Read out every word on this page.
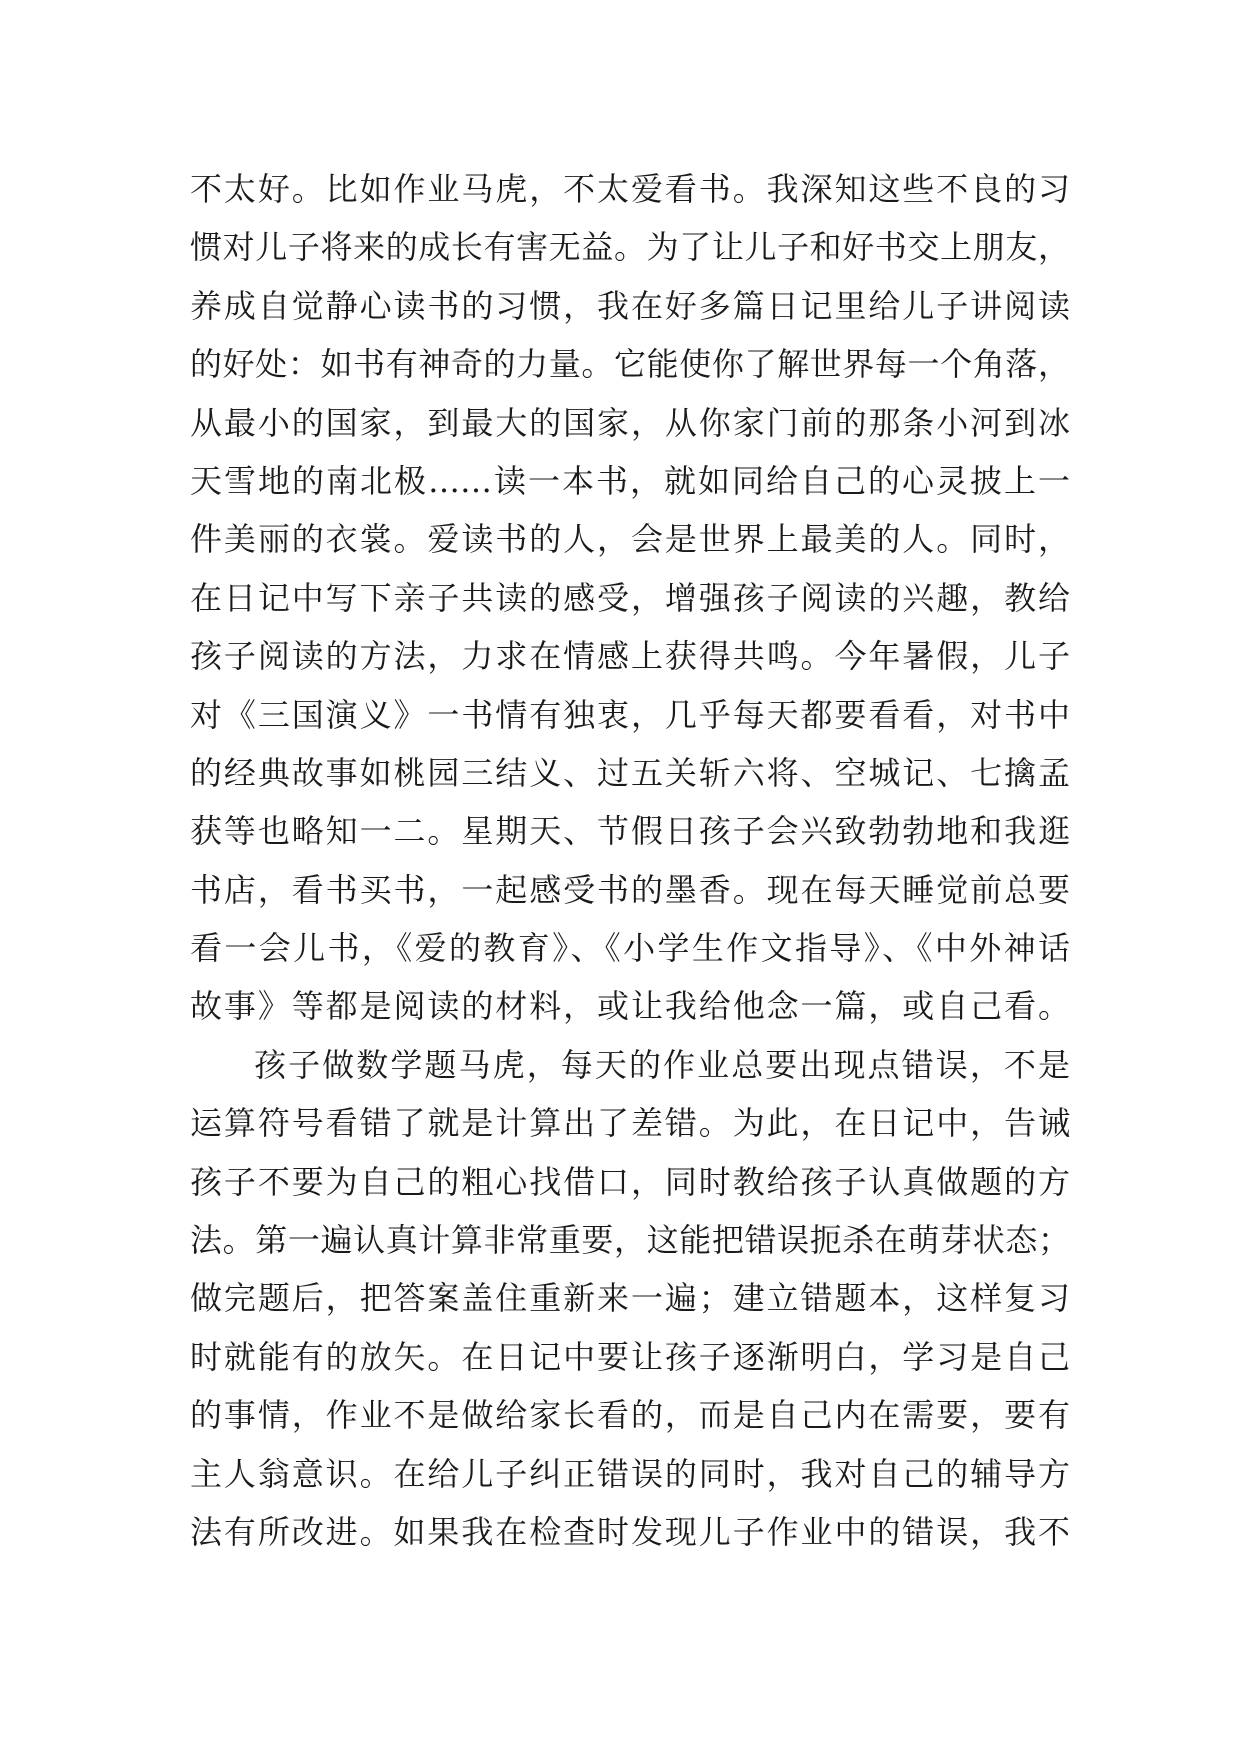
不太好。比如作业马虎，不太爱看书。我深知这些不良的习
惯对儿子将来的成长有害无益。为了让儿子和好书交上朋友，
养成自觉静心读书的习惯，我在好多篇日记里给儿子讲阅读
的好处：如书有神奇的力量。它能使你了解世界每一个角落，
从最小的国家，到最大的国家，从你家门前的那条小河到冰
天雪地的南北极……读一本书，就如同给自己的心灵披上一
件美丽的衣裳。爱读书的人，会是世界上最美的人。同时，
在日记中写下亲子共读的感受，增强孩子阅读的兴趣，教给
孩子阅读的方法，力求在情感上获得共鸣。今年暑假，儿子
对《三国演义》一书情有独衷，几乎每天都要看看，对书中
的经典故事如桃园三结义、过五关斩六将、空城记、七擒孟
获等也略知一二。星期天、节假日孩子会兴致勃勃地和我逛
书店，看书买书，一起感受书的墨香。现在每天睡觉前总要
看一会儿书，《爱的教育》、《小学生作文指导》、《中外神话
故事》等都是阅读的材料，或让我给他念一篇，或自己看。
孩子做数学题马虎，每天的作业总要出现点错误，不是
运算符号看错了就是计算出了差错。为此，在日记中，告诫
孩子不要为自己的粗心找借口，同时教给孩子认真做题的方
法。第一遍认真计算非常重要，这能把错误扼杀在萌芽状态；
做完题后，把答案盖住重新来一遍；建立错题本，这样复习
时就能有的放矢。在日记中要让孩子逐渐明白，学习是自己
的事情，作业不是做给家长看的，而是自己内在需要，要有
主人翁意识。在给儿子纠正错误的同时，我对自己的辅导方
法有所改进。如果我在检查时发现儿子作业中的错误，我不
